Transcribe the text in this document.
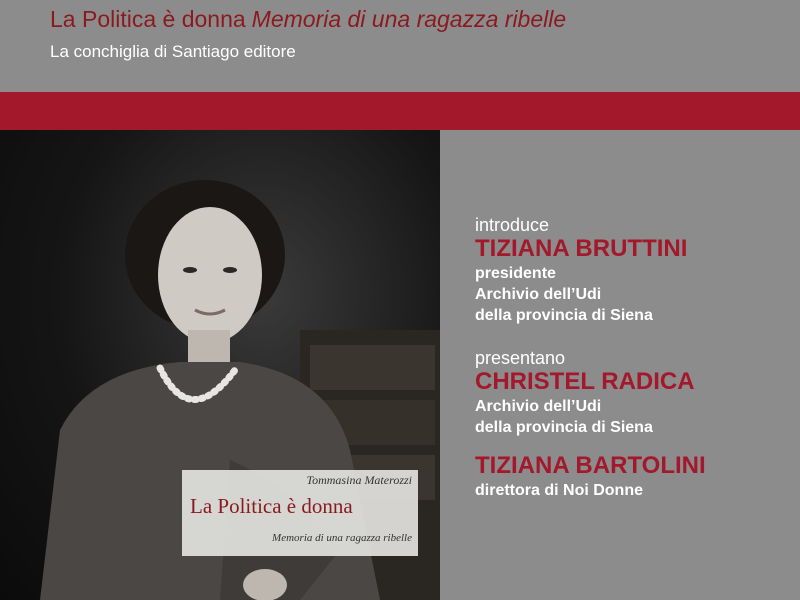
La Politica è donna Memoria di una ragazza ribelle
La conchiglia di Santiago editore
Tommasina Materozzi
La Politica è donna
Memoria di una ragazza ribelle
introduce
TIZIANA BRUTTINI
presidente
Archivio dell’Udi
della provincia di Siena
presentano
CHRISTEL RADICA
Archivio dell’Udi
della provincia di Siena
TIZIANA BARTOLINI
direttora di Noi Donne
